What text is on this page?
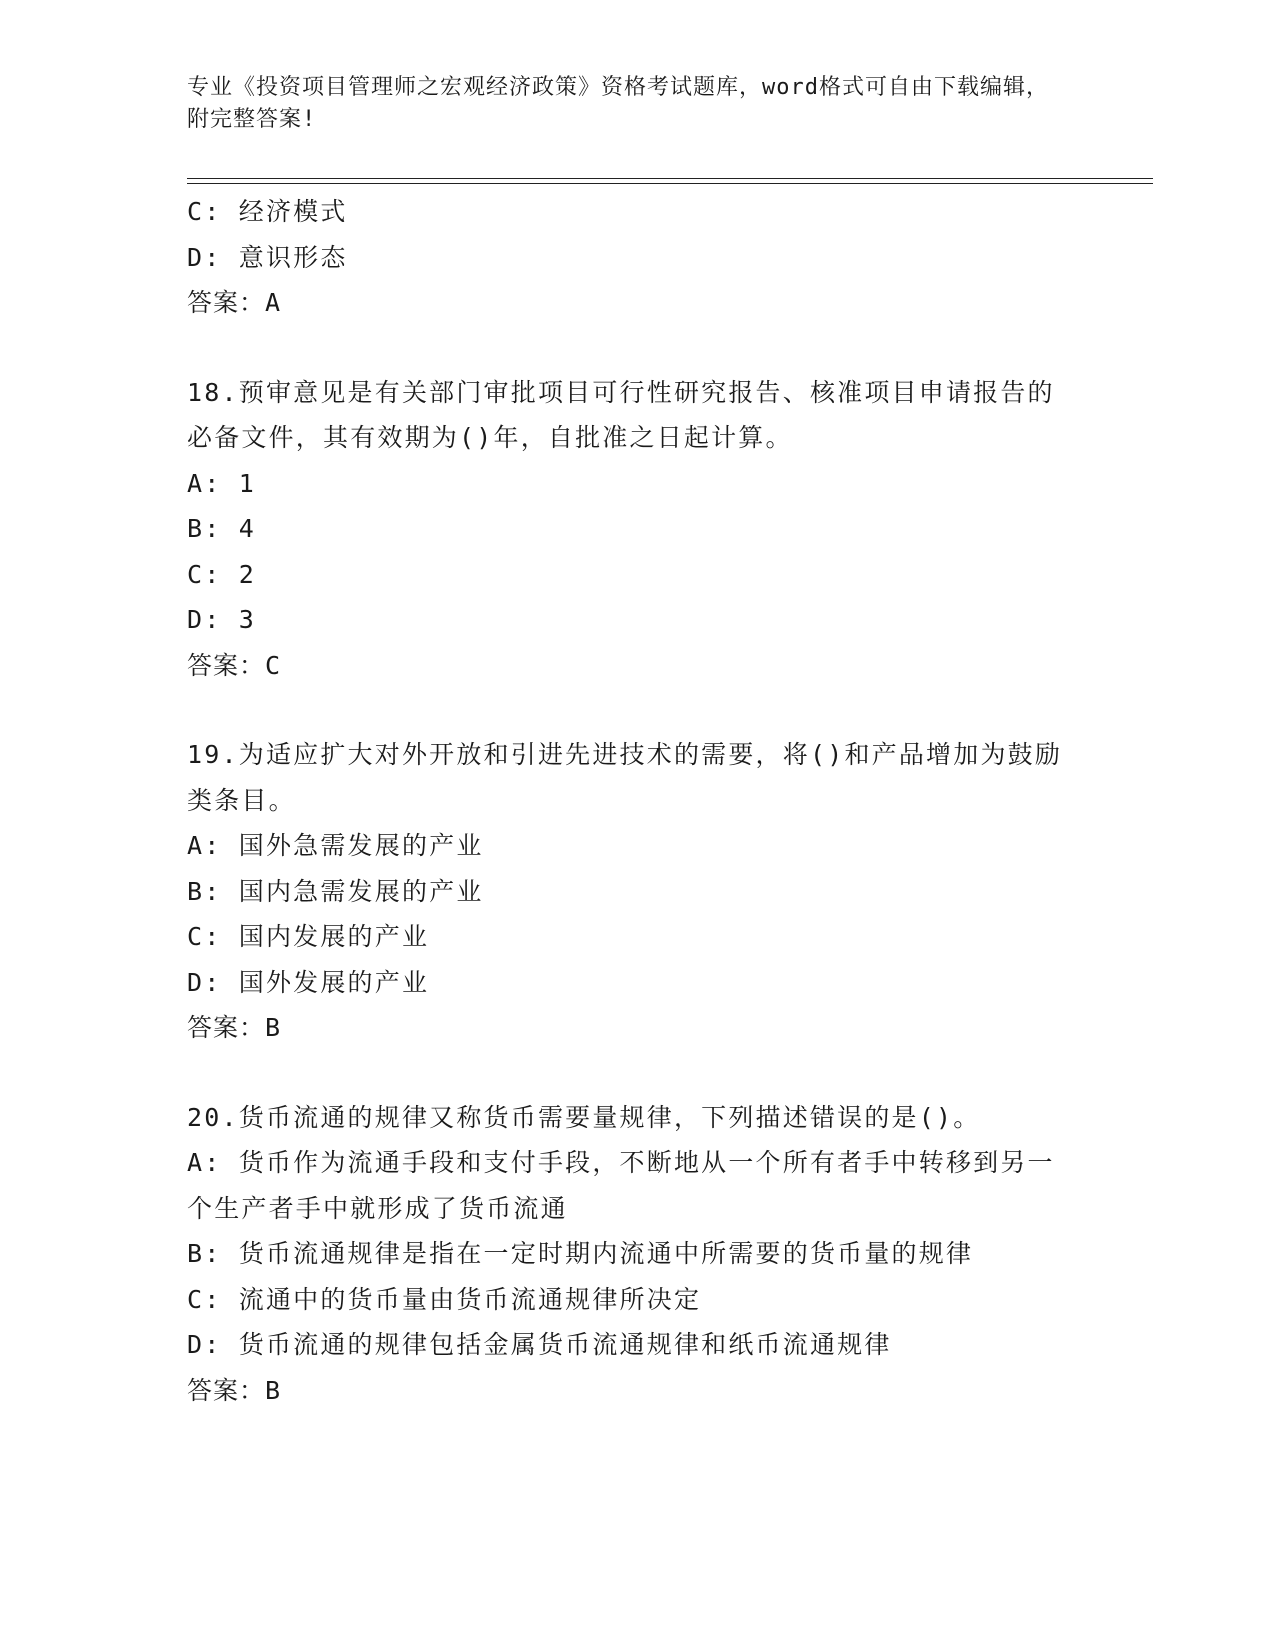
专业《投资项目管理师之宏观经济政策》资格考试题库，word格式可自由下载编辑，附完整答案!
C: 经济模式
D: 意识形态
答案：A
18.预审意见是有关部门审批项目可行性研究报告、核准项目申请报告的必备文件，其有效期为()年，自批准之日起计算。
A: 1
B: 4
C: 2
D: 3
答案：C
19.为适应扩大对外开放和引进先进技术的需要，将()和产品增加为鼓励类条目。
A: 国外急需发展的产业
B: 国内急需发展的产业
C: 国内发展的产业
D: 国外发展的产业
答案：B
20.货币流通的规律又称货币需要量规律，下列描述错误的是()。
A: 货币作为流通手段和支付手段，不断地从一个所有者手中转移到另一个生产者手中就形成了货币流通
B: 货币流通规律是指在一定时期内流通中所需要的货币量的规律
C: 流通中的货币量由货币流通规律所决定
D: 货币流通的规律包括金属货币流通规律和纸币流通规律
答案：B
